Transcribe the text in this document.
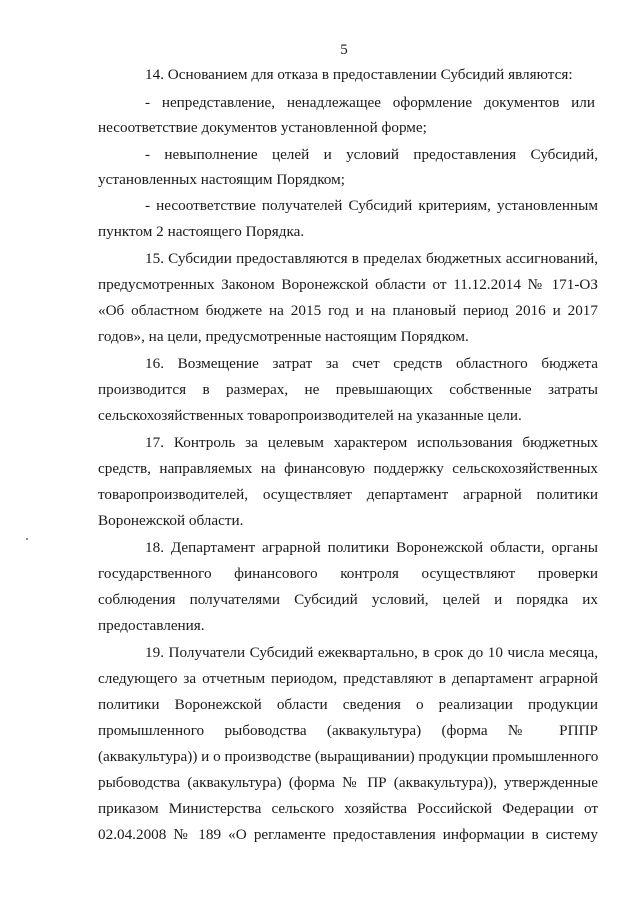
5
14. Основанием для отказа в предоставлении Субсидий являются:
- непредставление, ненадлежащее оформление документов или
несоответствие документов установленной форме;
- невыполнение целей и условий предоставления Субсидий,
установленных настоящим Порядком;
- несоответствие получателей Субсидий критериям, установленным
пунктом 2 настоящего Порядка.
15. Субсидии предоставляются в пределах бюджетных ассигнований,
предусмотренных Законом Воронежской области от 11.12.2014 № 171-ОЗ
«Об областном бюджете на 2015 год и на плановый период 2016 и 2017
годов», на цели, предусмотренные настоящим Порядком.
16. Возмещение затрат за счет средств областного бюджета
производится в размерах, не превышающих собственные затраты
сельскохозяйственных товаропроизводителей на указанные цели.
17. Контроль за целевым характером использования бюджетных
средств, направляемых на финансовую поддержку сельскохозяйственных
товаропроизводителей, осуществляет департамент аграрной политики
Воронежской области.
18. Департамент аграрной политики Воронежской области, органы
государственного финансового контроля осуществляют проверки
соблюдения получателями Субсидий условий, целей и порядка их
предоставления.
19. Получатели Субсидий ежеквартально, в срок до 10 числа месяца,
следующего за отчетным периодом, представляют в департамент аграрной
политики Воронежской области сведения о реализации продукции
промышленного рыбоводства (аквакультура) (форма № РППР
(аквакультура)) и о производстве (выращивании) продукции промышленного
рыбоводства (аквакультура) (форма № ПР (аквакультура)), утвержденные
приказом Министерства сельского хозяйства Российской Федерации от
02.04.2008 № 189 «О регламенте предоставления информации в систему
